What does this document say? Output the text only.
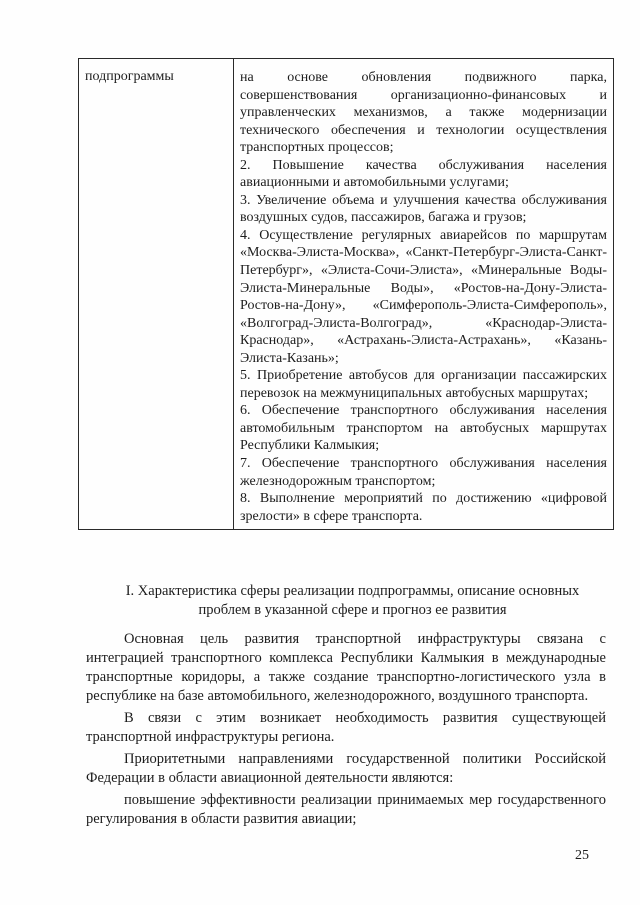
подпрограммы	на основе обновления подвижного парка, совершенствования организационно-финансовых и управленческих механизмов, а также модернизации технического обеспечения и технологии осуществления транспортных процессов;
2. Повышение качества обслуживания населения авиационными и автомобильными услугами;
3. Увеличение объема и улучшения качества обслуживания воздушных судов, пассажиров, багажа и грузов;
4. Осуществление регулярных авиарейсов по маршрутам «Москва-Элиста-Москва», «Санкт-Петербург-Элиста-Санкт-Петербург», «Элиста-Сочи-Элиста», «Минеральные Воды-Элиста-Минеральные Воды», «Ростов-на-Дону-Элиста-Ростов-на-Дону», «Симферополь-Элиста-Симферополь», «Волгоград-Элиста-Волгоград», «Краснодар-Элиста-Краснодар», «Астрахань-Элиста-Астрахань», «Казань-Элиста-Казань»;
5. Приобретение автобусов для организации пассажирских перевозок на межмуниципальных автобусных маршрутах;
6. Обеспечение транспортного обслуживания населения автомобильным транспортом на автобусных маршрутах Республики Калмыкия;
7. Обеспечение транспортного обслуживания населения железнодорожным транспортом;
8. Выполнение мероприятий по достижению «цифровой зрелости» в сфере транспорта.

I. Характеристика сферы реализации подпрограммы, описание основных

проблем в указанной сфере и прогноз ее развития

Основная цель развития транспортной инфраструктуры связана с интеграцией транспортного комплекса Республики Калмыкия в международные транспортные коридоры, а также создание транспортно-логистического узла в республике на базе автомобильного, железнодорожного, воздушного транспорта.

В связи с этим возникает необходимость развития существующей транспортной инфраструктуры региона.

Приоритетными направлениями государственной политики Российской Федерации в области авиационной деятельности являются:

повышение эффективности реализации принимаемых мер государственного регулирования в области развития авиации;

25
